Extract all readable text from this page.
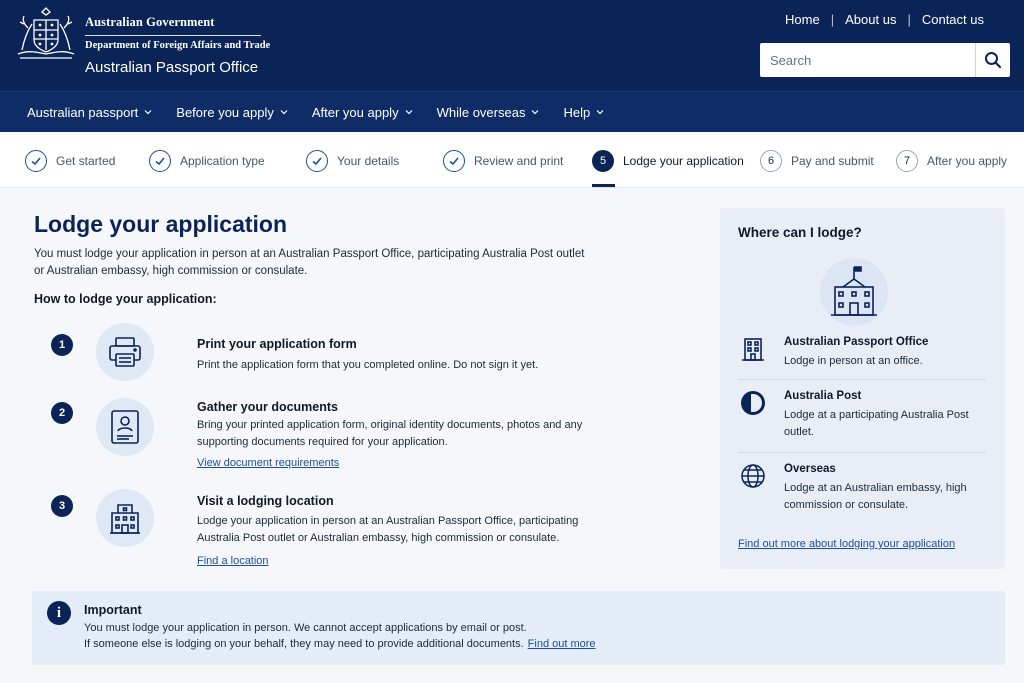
Australian Government
Department of Foreign Affairs and Trade
Australian Passport Office
Home | About us | Contact us
Search
Australian passport	Before you apply	After you apply	While overseas	Help
Get started	Application type	Your details	Review and print	5	Lodge your application	6	Pay and submit	7	After you apply
Lodge your application

You must lodge your application in person at an Australian Passport Office, participating Australia Post outlet or Australian embassy, high commission or consulate.

How to lodge your application:
1	Print your application form
Print the application form that you completed online. Do not sign it yet.
2	Gather your documents
Bring your printed application form, original identity documents, photos and any supporting documents required for your application.
View document requirements
3	Visit a lodging location
Lodge your application in person at an Australian Passport Office, participating Australia Post outlet or Australian embassy, high commission or consulate.
Find a location
Where can I lodge?
Australian Passport Office
Lodge in person at an office.
Australia Post
Lodge at a participating Australia Post outlet.
Overseas
Lodge at an Australian embassy, high commission or consulate.
Find out more about lodging your application
i	Important
You must lodge your application in person. We cannot accept applications by email or post.
If someone else is lodging on your behalf, they may need to provide additional documents. Find out more
